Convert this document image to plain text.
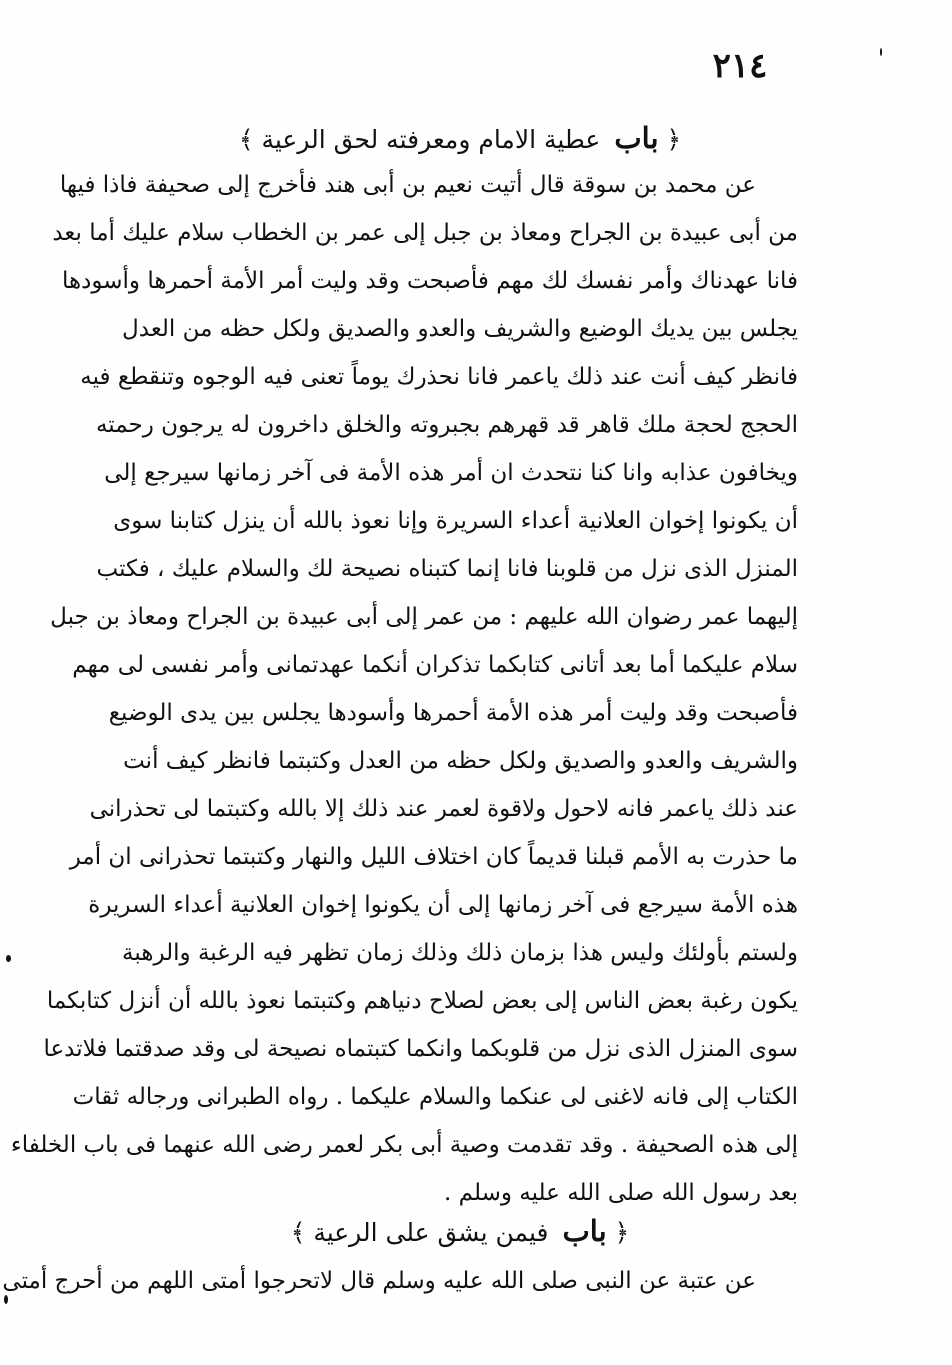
٢١٤
﴿ باب عطية الامام ومعرفته لحق الرعية ﴾
عن محمد بن سوقة قال أتيت نعيم بن أبى هند فأخرج إلى صحيفة فاذا فيها
من أبى عبيدة بن الجراح ومعاذ بن جبل إلى عمر بن الخطاب سلام عليك أما بعد
فانا عهدناك وأمر نفسك لك مهم فأصبحت وقد وليت أمر الأمة أحمرها وأسودها
يجلس بين يديك الوضيع والشريف والعدو والصديق ولكل حظه من العدل
فانظر كيف أنت عند ذلك ياعمر فانا نحذرك يوماً تعنى فيه الوجوه وتنقطع فيه
الحجج لحجة ملك قاهر قد قهرهم بجبروته والخلق داخرون له يرجون رحمته
ويخافون عذابه وانا كنا نتحدث ان أمر هذه الأمة فى آخر زمانها سيرجع إلى
أن يكونوا إخوان العلانية أعداء السريرة وإنا نعوذ بالله أن ينزل كتابنا سوى
المنزل الذى نزل من قلوبنا فانا إنما كتبناه نصيحة لك والسلام عليك ، فكتب
إليهما عمر رضوان الله عليهم : من عمر إلى أبى عبيدة بن الجراح ومعاذ بن جبل
سلام عليكما أما بعد أتانى كتابكما تذكران أنكما عهدتمانى وأمر نفسى لى مهم
فأصبحت وقد وليت أمر هذه الأمة أحمرها وأسودها يجلس بين يدى الوضيع
والشريف والعدو والصديق ولكل حظه من العدل وكتبتما فانظر كيف أنت
عند ذلك ياعمر فانه لاحول ولاقوة لعمر عند ذلك إلا بالله وكتبتما لى تحذرانى
ما حذرت به الأمم قبلنا قديماً كان اختلاف الليل والنهار وكتبتما تحذرانى ان أمر
هذه الأمة سيرجع فى آخر زمانها إلى أن يكونوا إخوان العلانية أعداء السريرة
ولستم بأولئك وليس هذا بزمان ذلك وذلك زمان تظهر فيه الرغبة والرهبة
يكون رغبة بعض الناس إلى بعض لصلاح دنياهم وكتبتما نعوذ بالله أن أنزل كتابكما
سوى المنزل الذى نزل من قلوبكما وانكما كتبتماه نصيحة لى وقد صدقتما فلاتدعا
الكتاب إلى فانه لاغنى لى عنكما والسلام عليكما . رواه الطبرانى ورجاله ثقات
إلى هذه الصحيفة . وقد تقدمت وصية أبى بكر لعمر رضى الله عنهما فى باب الخلفاء
بعد رسول الله صلى الله عليه وسلم .
﴿ باب فيمن يشق على الرعية ﴾
عن عتبة عن النبى صلى الله عليه وسلم قال لاتحرجوا أمتى اللهم من أحرج أمتى
